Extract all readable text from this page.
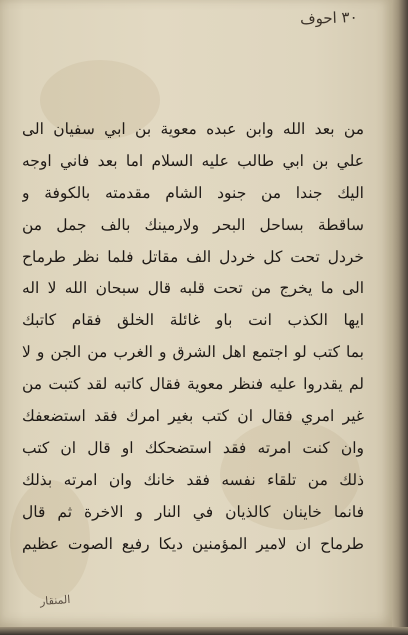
٣٠ احوف

من بعد الله وابن عبده معوية بن ابي سفيان الى
علي بن ابي طالب عليه السلام اما بعد فاني اوجه
اليك جندا من جنود الشام مقدمته بالكوفة و
ساقطة بساحل البحر ولارمينك بالف جمل من
خردل تحت كل خردل الف مقاتل فلما نظر طرماح
الى ما يخرج من تحت قلبه قال سبحان الله لا اله
ايها الكذب انت باو غائلة الخلق فقام كاتبك
بما كتب لو اجتمع اهل الشرق و الغرب من الجن و لا
لم يقدروا عليه فنظر معوية فقال كاتبه لقد كتبت من
غير امري فقال ان كتب بغير امرك فقد استضعفك
وان كنت امرته فقد استضحكك او قال ان كتب
ذلك من تلقاء نفسه فقد خانك وان امرته بذلك
فانما خاينان كالذيان في النار و الاخرة ثم قال
طرماح ان لامير المؤمنين ديكا رفيع الصوت عظيم

المنقار
